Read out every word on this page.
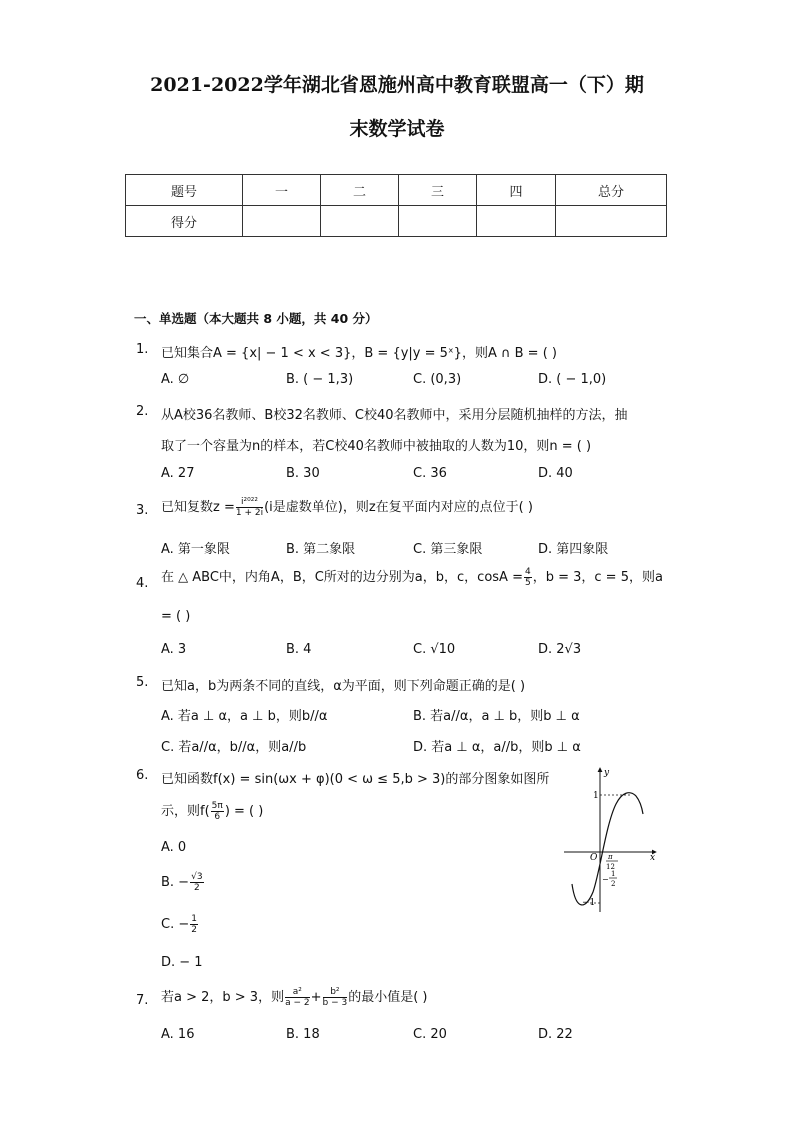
2021-2022学年湖北省恩施州高中教育联盟高一（下）期
末数学试卷
题号	一	二	三	四	总分
得分					
一、单选题（本大题共 8 小题，共 40 分）
1. 已知集合A = {x| − 1 < x < 3}，B = {y|y = 5ˣ}，则A ∩ B = ( )
A. ∅	B. ( − 1,3)	C. (0,3)	D. ( − 1,0)
2. 从A校36名教师、B校32名教师、C校40名教师中，采用分层随机抽样的方法，抽
取了一个容量为n的样本，若C校40名教师中被抽取的人数为10，则n = ( )
A. 27	B. 30	C. 36	D. 40
3. 已知复数$z = \frac{\text{i²⁰²²}}{1 + 2i} (i$是虚数单位)，则z在复平面内对应的点位于( )
A. 第一象限	B. 第二象限	C. 第三象限	D. 第四象限
4. 在 △ ABC中，内角A，B，C所对的边分别为a，b，c，$\cos A = \frac{4}{5}$ ，b = 3，c = 5，则a
= ( )
A. 3	B. 4	C. √10	D. 2√3
5. 已知a，b为两条不同的直线，α为平面，则下列命题正确的是( )
A. 若a ⊥ α，a ⊥ b，则b//α	B. 若a//α，a ⊥ b，则b ⊥ α
C. 若a//α，b//α，则a//b	D. 若a ⊥ α，a//b，则b ⊥ α
6. 已知函数f(x) = sin(ωx + φ)(0 < ω ≤ 5,b > 3)的部分图象如图所
示，则$f( \frac{5\pi}{6}$ ) = ( )
A. 0
B. − $\frac{√3}{2}$
C. − $\frac{1}{2}$
D. − 1
y
x
O
1
−1
π
12
−
1
2
7. 若a > 2，b > 3，则 $\frac{\text{a²}}{a - 2} + \frac{\text{b²}}{b - 3}$ 的最小值是( )
A. 16	B. 18	C. 20	D. 22
